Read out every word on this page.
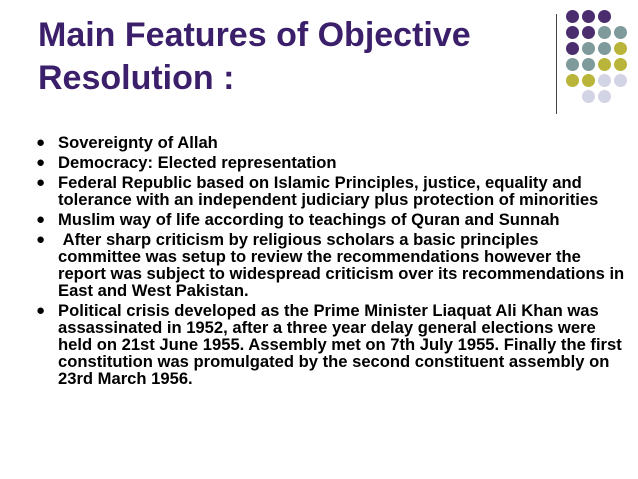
Main Features of Objective
Resolution :
● Sovereignty of Allah
● Democracy: Elected representation
● Federal Republic based on Islamic Principles, justice, equality and tolerance with an independent judiciary plus protection of minorities
● Muslim way of life according to teachings of Quran and Sunnah
● After sharp criticism by religious scholars a basic principles committee was setup to review the recommendations however the report was subject to widespread criticism over its recommendations in East and West Pakistan.
● Political crisis developed as the Prime Minister Liaquat Ali Khan was assassinated in 1952, after a three year delay general elections were held on 21st June 1955. Assembly met on 7th July 1955. Finally the first constitution was promulgated by the second constituent assembly on 23rd March 1956.
